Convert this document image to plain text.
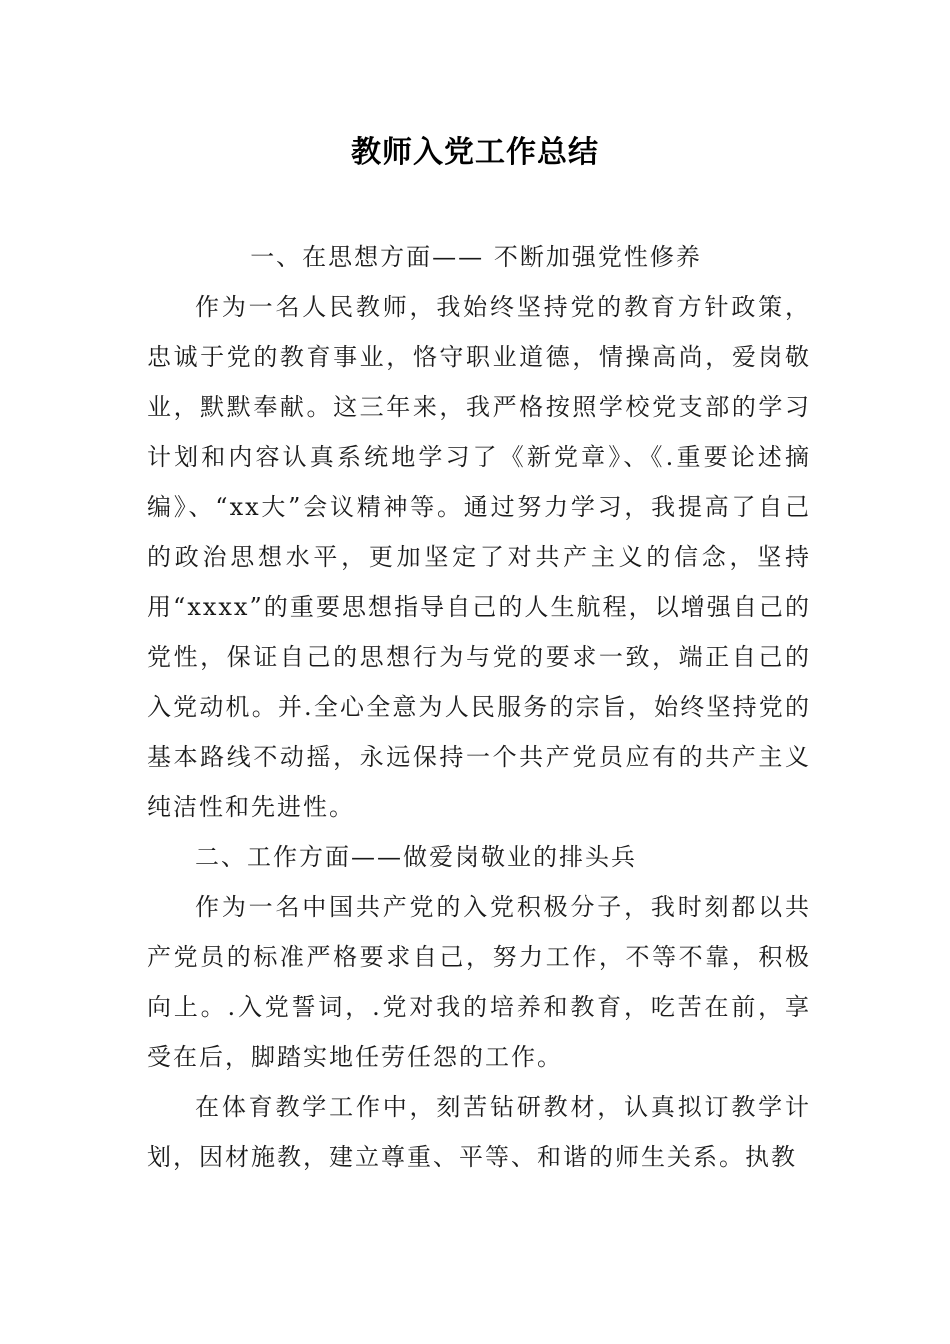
教师入党工作总结

一、在思想方面—— 不断加强党性修养

作为一名人民教师，我始终坚持党的教育方针政策，忠诚于党的教育事业，恪守职业道德，情操高尚，爱岗敬业，默默奉献。这三年来，我严格按照学校党支部的学习计划和内容认真系统地学习了《新党章》、《.重要论述摘编》、“xx大”会议精神等。通过努力学习，我提高了自己的政治思想水平，更加坚定了对共产主义的信念，坚持用“xxxx”的重要思想指导自己的人生航程，以增强自己的党性，保证自己的思想行为与党的要求一致，端正自己的入党动机。并.全心全意为人民服务的宗旨，始终坚持党的基本路线不动摇，永远保持一个共产党员应有的共产主义纯洁性和先进性。

二、工作方面——做爱岗敬业的排头兵

作为一名中国共产党的入党积极分子，我时刻都以共产党员的标准严格要求自己，努力工作，不等不靠，积极向上。.入党誓词，.党对我的培养和教育，吃苦在前，享受在后，脚踏实地任劳任怨的工作。

在体育教学工作中，刻苦钻研教材，认真拟订教学计划，因材施教，建立尊重、平等、和谐的师生关系。执教
